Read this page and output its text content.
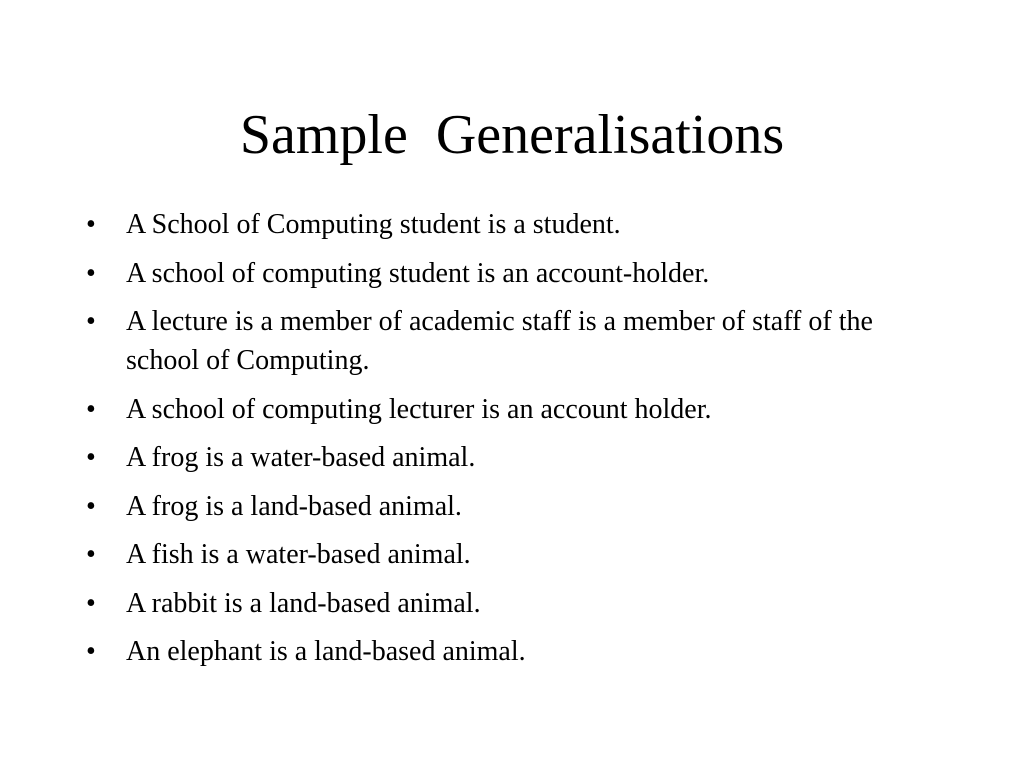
Sample  Generalisations
•	A School of Computing student is a student.
•	A school of computing student is an account-holder.
•	A lecture is a member of academic staff is a member of staff of the school of Computing.
•	A school of computing lecturer is an account holder.
•	A frog is a water-based animal.
•	A frog is a land-based animal.
•	A fish is a water-based animal.
•	A rabbit is a land-based animal.
•	An elephant is a land-based animal.
